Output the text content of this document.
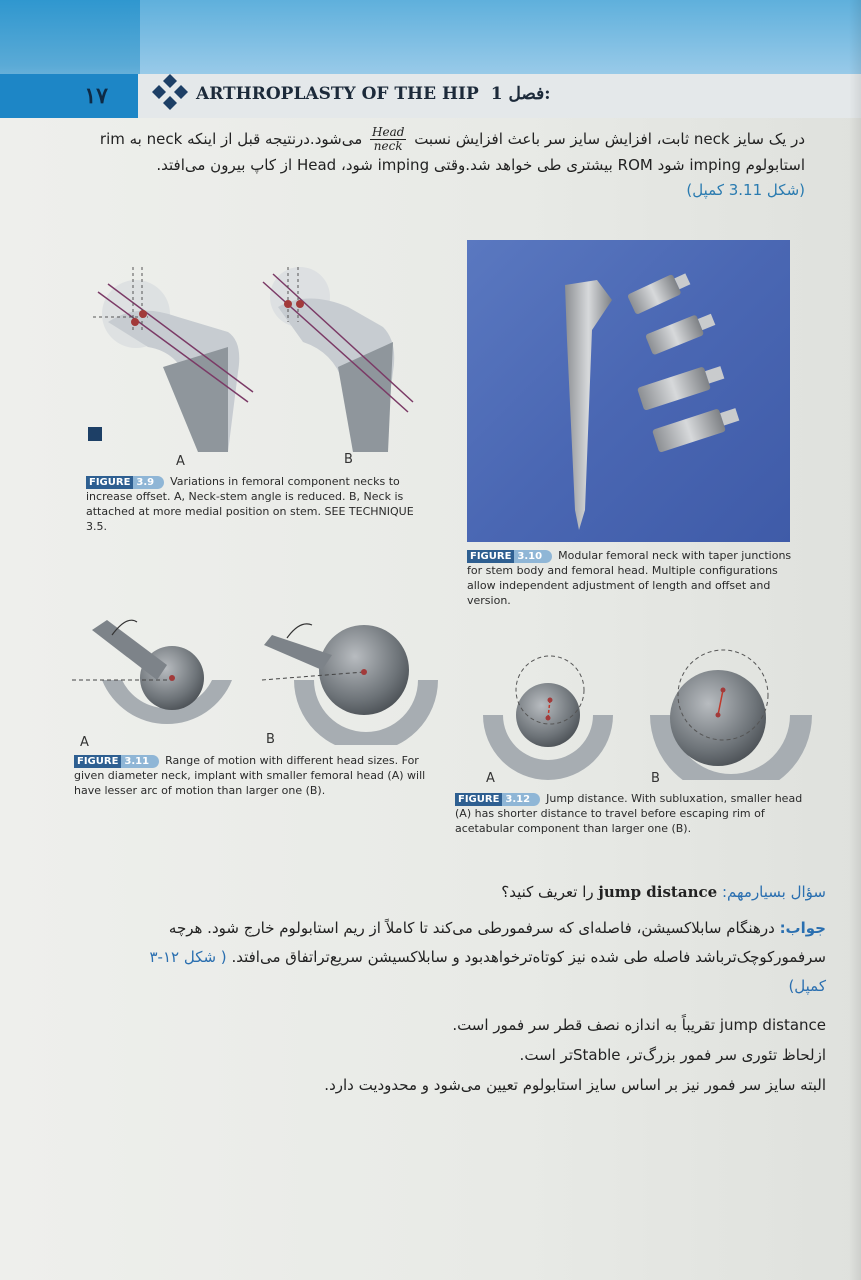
١٧	ARTHROPLASTY OF THE HIP فصل 1:
در یک سایز neck ثابت، افزایش سایز سر باعث افزایش نسبت
$\frac{\text{Head}}{\text{neck}}$
می‌شود.درنتیجه قبل از اینکه neck به rim
استابولوم imping شود ROM بیشتری طی خواهد شد.وقتی imping شود، Head از کاپ بیرون می‌افتد.
(شکل 3.11 کمپل)
A	B
FIGURE 3.9 Variations in femoral component necks to increase offset. A, Neck-stem angle is reduced. B, Neck is attached at more medial position on stem. SEE TECHNIQUE 3.5.
FIGURE 3.10 Modular femoral neck with taper junctions for stem body and femoral head. Multiple configurations allow independent adjustment of length and offset and version.
A	B
FIGURE 3.11 Range of motion with different head sizes. For given diameter neck, implant with smaller femoral head (A) will have lesser arc of motion than larger one (B).
A	B
FIGURE 3.12 Jump distance. With subluxation, smaller head (A) has shorter distance to travel before escaping rim of acetabular component than larger one (B).
سؤال بسیارمهم: jump distance را تعریف کنید؟
جواب: درهنگام سابلاکسیشن، فاصله‌ای که سرفمورطی می‌کند تا کاملاً از ریم استابولوم خارج شود. هرچه
سرفمورکوچک‌ترباشد فاصله طی شده نیز کوتاه‌ترخواهدبود و سابلاکسیشن سریع‌تراتفاق می‌افتد. ( شکل ۱۲-۳
کمپل)
jump distance تقریباً به اندازه نصف قطر سر فمور است.
ازلحاظ تئوری سر فمور بزرگ‌تر، Stableتر است.
البته سایز سر فمور نیز بر اساس سایز استابولوم تعیین می‌شود و محدودیت دارد.
